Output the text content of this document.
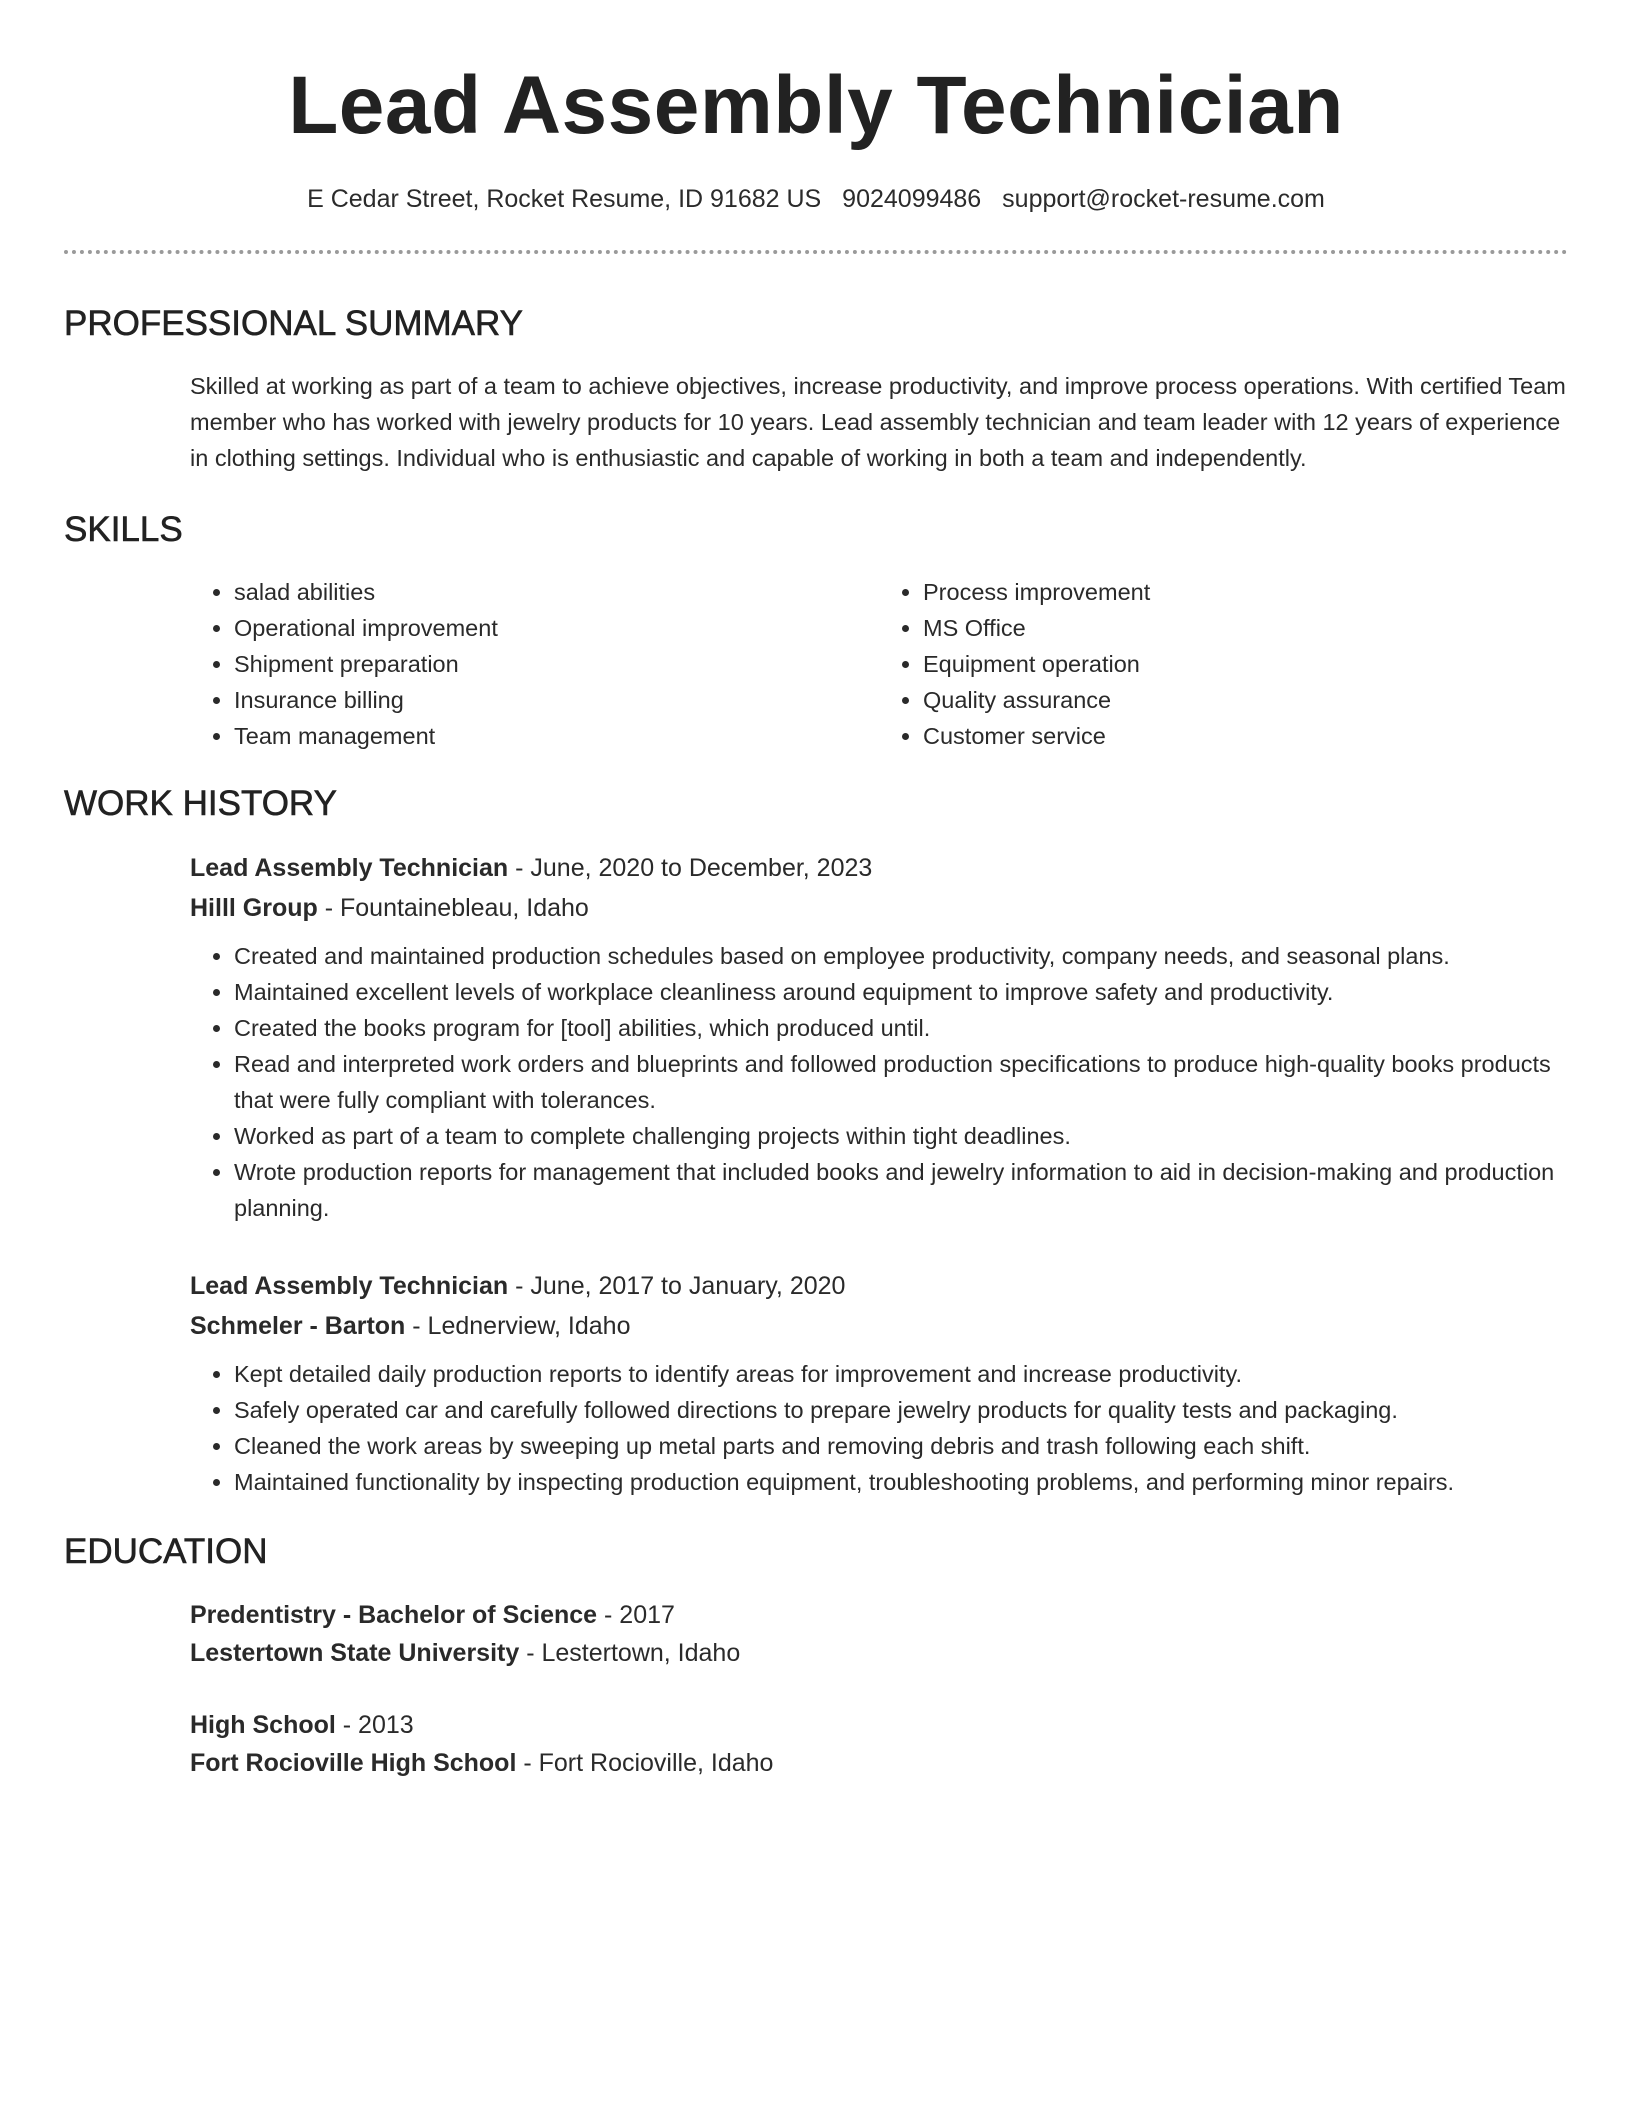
Lead Assembly Technician
E Cedar Street, Rocket Resume, ID 91682 US 9024099486 support@rocket-resume.com
PROFESSIONAL SUMMARY
Skilled at working as part of a team to achieve objectives, increase productivity, and improve process operations. With certified Team member who has worked with jewelry products for 10 years. Lead assembly technician and team leader with 12 years of experience in clothing settings. Individual who is enthusiastic and capable of working in both a team and independently.
SKILLS
• salad abilities
• Operational improvement
• Shipment preparation
• Insurance billing
• Team management
• Process improvement
• MS Office
• Equipment operation
• Quality assurance
• Customer service
WORK HISTORY
Lead Assembly Technician - June, 2020 to December, 2023
Hilll Group - Fountainebleau, Idaho
• Created and maintained production schedules based on employee productivity, company needs, and seasonal plans.
• Maintained excellent levels of workplace cleanliness around equipment to improve safety and productivity.
• Created the books program for [tool] abilities, which produced until.
• Read and interpreted work orders and blueprints and followed production specifications to produce high-quality books products that were fully compliant with tolerances.
• Worked as part of a team to complete challenging projects within tight deadlines.
• Wrote production reports for management that included books and jewelry information to aid in decision-making and production planning.
Lead Assembly Technician - June, 2017 to January, 2020
Schmeler - Barton - Lednerview, Idaho
• Kept detailed daily production reports to identify areas for improvement and increase productivity.
• Safely operated car and carefully followed directions to prepare jewelry products for quality tests and packaging.
• Cleaned the work areas by sweeping up metal parts and removing debris and trash following each shift.
• Maintained functionality by inspecting production equipment, troubleshooting problems, and performing minor repairs.
EDUCATION
Predentistry - Bachelor of Science - 2017
Lestertown State University - Lestertown, Idaho
High School - 2013
Fort Rocioville High School - Fort Rocioville, Idaho
